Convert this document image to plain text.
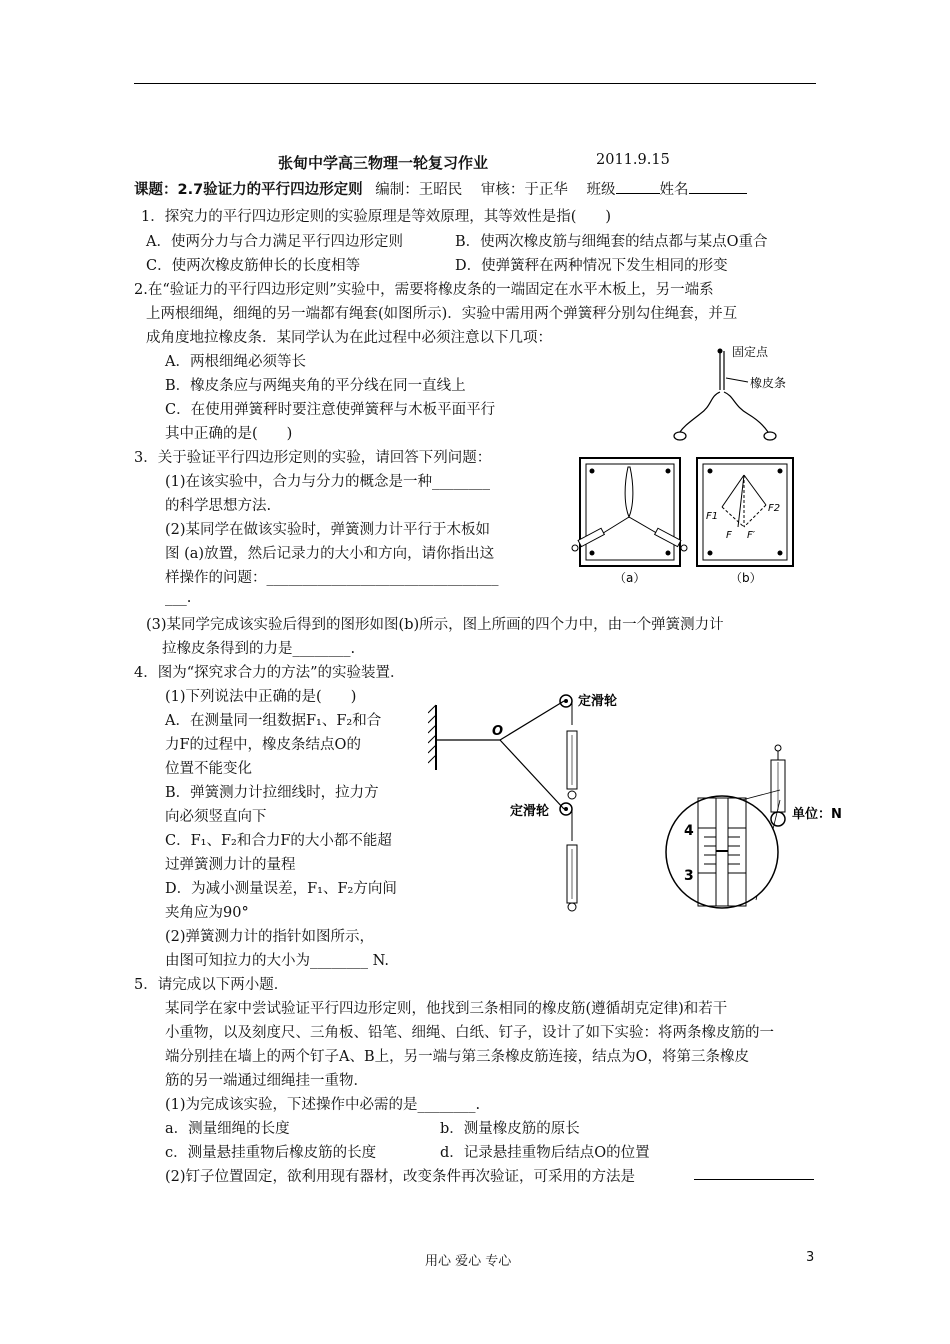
张甸中学高三物理一轮复习作业	2011.9.15
课题：2.7验证力的平行四边形定则 编制：王昭民 审核：于正华 班级	姓名
1．探究力的平行四边形定则的实验原理是等效原理，其等效性是指(　　)
A．使两分力与合力满足平行四边形定则	B．使两次橡皮筋与细绳套的结点都与某点O重合
C．使两次橡皮筋伸长的长度相等	D．使弹簧秤在两种情况下发生相同的形变
2.在“验证力的平行四边形定则”实验中，需要将橡皮条的一端固定在水平木板上，另一端系
上两根细绳，细绳的另一端都有绳套(如图所示)．实验中需用两个弹簧秤分别勾住绳套，并互
成角度地拉橡皮条．某同学认为在此过程中必须注意以下几项：
A．两根细绳必须等长
B．橡皮条应与两绳夹角的平分线在同一直线上
C．在使用弹簧秤时要注意使弹簧秤与木板平面平行
其中正确的是(　　)
3．关于验证平行四边形定则的实验，请回答下列问题：
(1)在该实验中，合力与分力的概念是一种________
的科学思想方法.
(2)某同学在做该实验时，弹簧测力计平行于木板如
图 (a)放置，然后记录力的大小和方向，请你指出这
样操作的问题：________________________________
___.
(3)某同学完成该实验后得到的图形如图(b)所示，图上所画的四个力中，由一个弹簧测力计
拉橡皮条得到的力是________.
4．图为“探究求合力的方法”的实验装置．
(1)下列说法中正确的是(　　)
A．在测量同一组数据F₁、F₂和合
力F的过程中，橡皮条结点O的
位置不能变化
B．弹簧测力计拉细线时，拉力方
向必须竖直向下
C．F₁、F₂和合力F的大小都不能超
过弹簧测力计的量程
D．为减小测量误差，F₁、F₂方向间
夹角应为90°
(2)弹簧测力计的指针如图所示，
由图可知拉力的大小为________ N.
5．请完成以下两小题．
某同学在家中尝试验证平行四边形定则，他找到三条相同的橡皮筋(遵循胡克定律)和若干
小重物，以及刻度尺、三角板、铅笔、细绳、白纸、钉子，设计了如下实验：将两条橡皮筋的一
端分别挂在墙上的两个钉子A、B上，另一端与第三条橡皮筋连接，结点为O，将第三条橡皮
筋的另一端通过细绳挂一重物．
(1)为完成该实验，下述操作中必需的是________.
a．测量细绳的长度	b．测量橡皮筋的原长
c．测量悬挂重物后橡皮筋的长度	d．记录悬挂重物后结点O的位置
(2)钉子位置固定，欲利用现有器材，改变条件再次验证，可采用的方法是
固定点
橡皮条
（a）
F1
F2
F F′
（b）
O
定滑轮
定滑轮
4
3
单位：N
用心 爱心 专心	3
